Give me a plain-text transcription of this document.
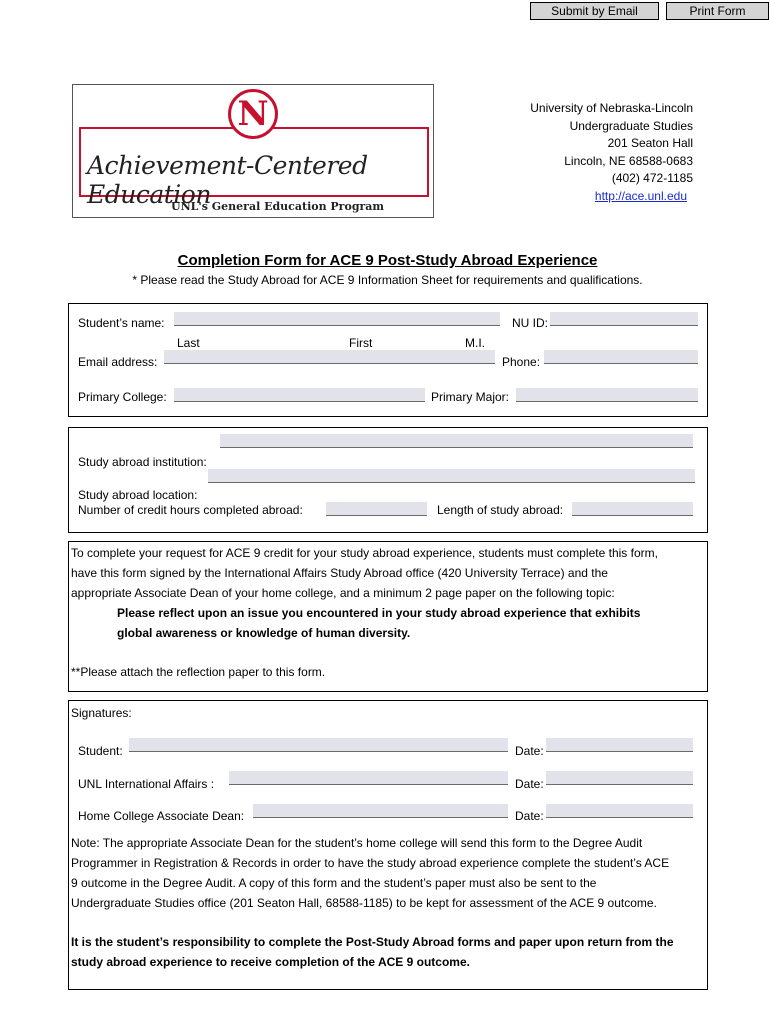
Submit by Email	Print Form
N
Achievement-Centered Education
UNL's General Education Program
University of Nebraska-Lincoln
Undergraduate Studies
201 Seaton Hall
Lincoln, NE 68588-0683
(402) 472-1185
http://ace.unl.edu
Completion Form for ACE 9 Post-Study Abroad Experience
* Please read the Study Abroad for ACE 9 Information Sheet for requirements and qualifications.
Student’s name:	NU ID:
Last	First	M.I.
Email address:	Phone:
Primary College:	Primary Major:
Study abroad institution:
Study abroad location:
Number of credit hours completed abroad:	Length of study abroad:
To complete your request for ACE 9 credit for your study abroad experience, students must complete this form,
have this form signed by the International Affairs Study Abroad office (420 University Terrace) and the
appropriate Associate Dean of your home college, and a minimum 2 page paper on the following topic:
Please reflect upon an issue you encountered in your study abroad experience that exhibits
global awareness or knowledge of human diversity.
**Please attach the reflection paper to this form.
Signatures:
Student:	Date:
UNL International Affairs :	Date:
Home College Associate Dean:	Date:
Note: The appropriate Associate Dean for the student’s home college will send this form to the Degree Audit
Programmer in Registration & Records in order to have the study abroad experience complete the student’s ACE
9 outcome in the Degree Audit. A copy of this form and the student’s paper must also be sent to the
Undergraduate Studies office (201 Seaton Hall, 68588-1185) to be kept for assessment of the ACE 9 outcome.
It is the student’s responsibility to complete the Post-Study Abroad forms and paper upon return from the
study abroad experience to receive completion of the ACE 9 outcome.
